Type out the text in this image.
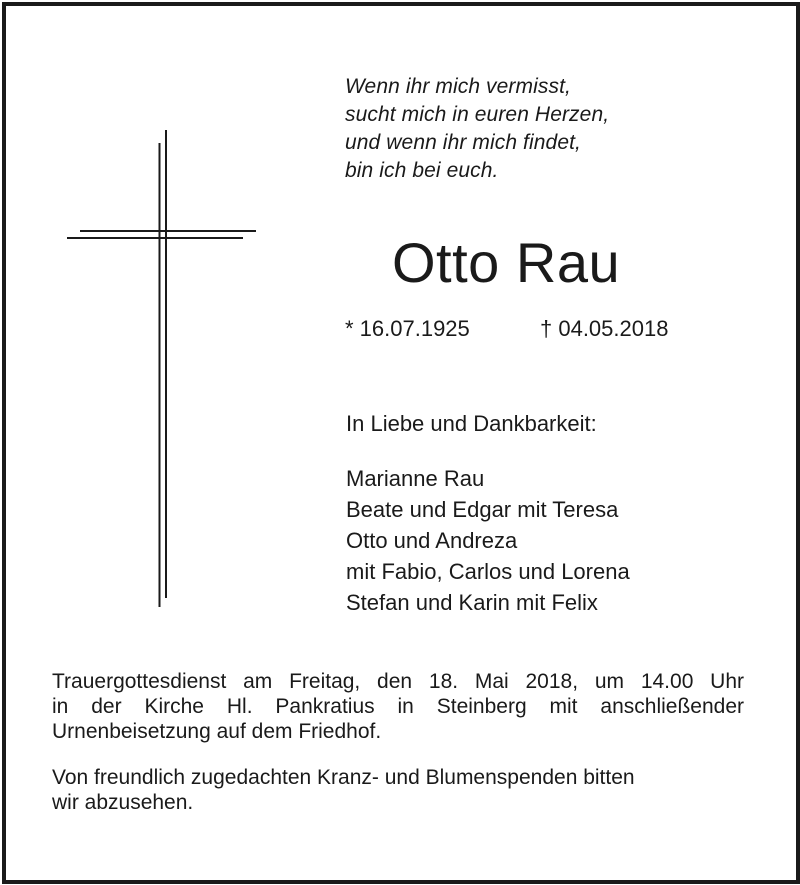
Wenn ihr mich vermisst,
sucht mich in euren Herzen,
und wenn ihr mich findet,
bin ich bei euch.
Otto Rau
* 16.07.1925	† 04.05.2018
In Liebe und Dankbarkeit:
Marianne Rau
Beate und Edgar mit Teresa
Otto und Andreza
mit Fabio, Carlos und Lorena
Stefan und Karin mit Felix
Trauergottesdienst am Freitag, den 18. Mai 2018, um 14.00 Uhr
in der Kirche Hl. Pankratius in Steinberg mit anschließender
Urnenbeisetzung auf dem Friedhof.
Von freundlich zugedachten Kranz- und Blumenspenden bitten
wir abzusehen.
